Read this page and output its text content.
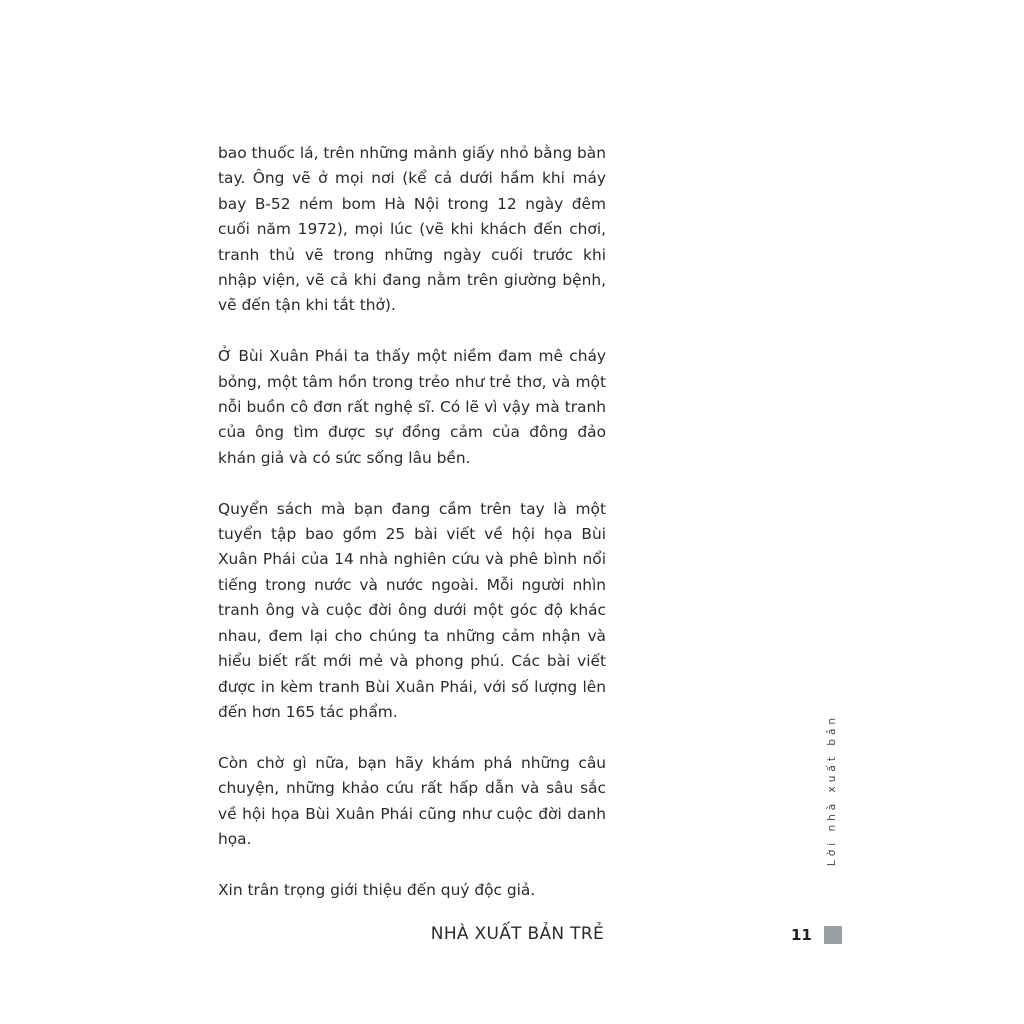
bao thuốc lá, trên những mảnh giấy nhỏ bằng bàn tay. Ông vẽ ở mọi nơi (kể cả dưới hầm khi máy bay B-52 ném bom Hà Nội trong 12 ngày đêm cuối năm 1972), mọi lúc (vẽ khi khách đến chơi, tranh thủ vẽ trong những ngày cuối trước khi nhập viện, vẽ cả khi đang nằm trên giường bệnh, vẽ đến tận khi tắt thở).

Ở Bùi Xuân Phái ta thấy một niềm đam mê cháy bỏng, một tâm hồn trong trẻo như trẻ thơ, và một nỗi buồn cô đơn rất nghệ sĩ. Có lẽ vì vậy mà tranh của ông tìm được sự đồng cảm của đông đảo khán giả và có sức sống lâu bền.

Quyển sách mà bạn đang cầm trên tay là một tuyển tập bao gồm 25 bài viết về hội họa Bùi Xuân Phái của 14 nhà nghiên cứu và phê bình nổi tiếng trong nước và nước ngoài. Mỗi người nhìn tranh ông và cuộc đời ông dưới một góc độ khác nhau, đem lại cho chúng ta những cảm nhận và hiểu biết rất mới mẻ và phong phú. Các bài viết được in kèm tranh Bùi Xuân Phái, với số lượng lên đến hơn 165 tác phẩm.

Còn chờ gì nữa, bạn hãy khám phá những câu chuyện, những khảo cứu rất hấp dẫn và sâu sắc về hội họa Bùi Xuân Phái cũng như cuộc đời danh họa.

Xin trân trọng giới thiệu đến quý độc giả.

NHÀ XUẤT BẢN TRẺ
Lời nhà xuất bản
11
